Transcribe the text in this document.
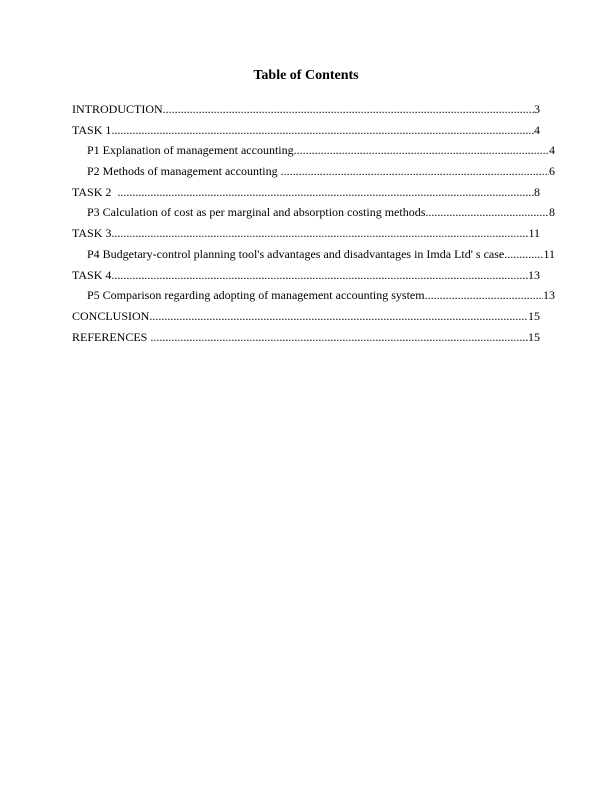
Table of Contents
INTRODUCTION .....	3
TASK 1 .....	4
P1 Explanation of management accounting .....	4
P2 Methods of management accounting .....	6
TASK 2 .....	8
P3 Calculation of cost as per marginal and absorption costing methods .....	8
TASK 3 .....	11
P4 Budgetary-control planning tool's advantages and disadvantages in Imda Ltd' s case .....	11
TASK 4 .....	13
P5 Comparison regarding adopting of management accounting system .....	13
CONCLUSION .....	15
REFERENCES .....	15
